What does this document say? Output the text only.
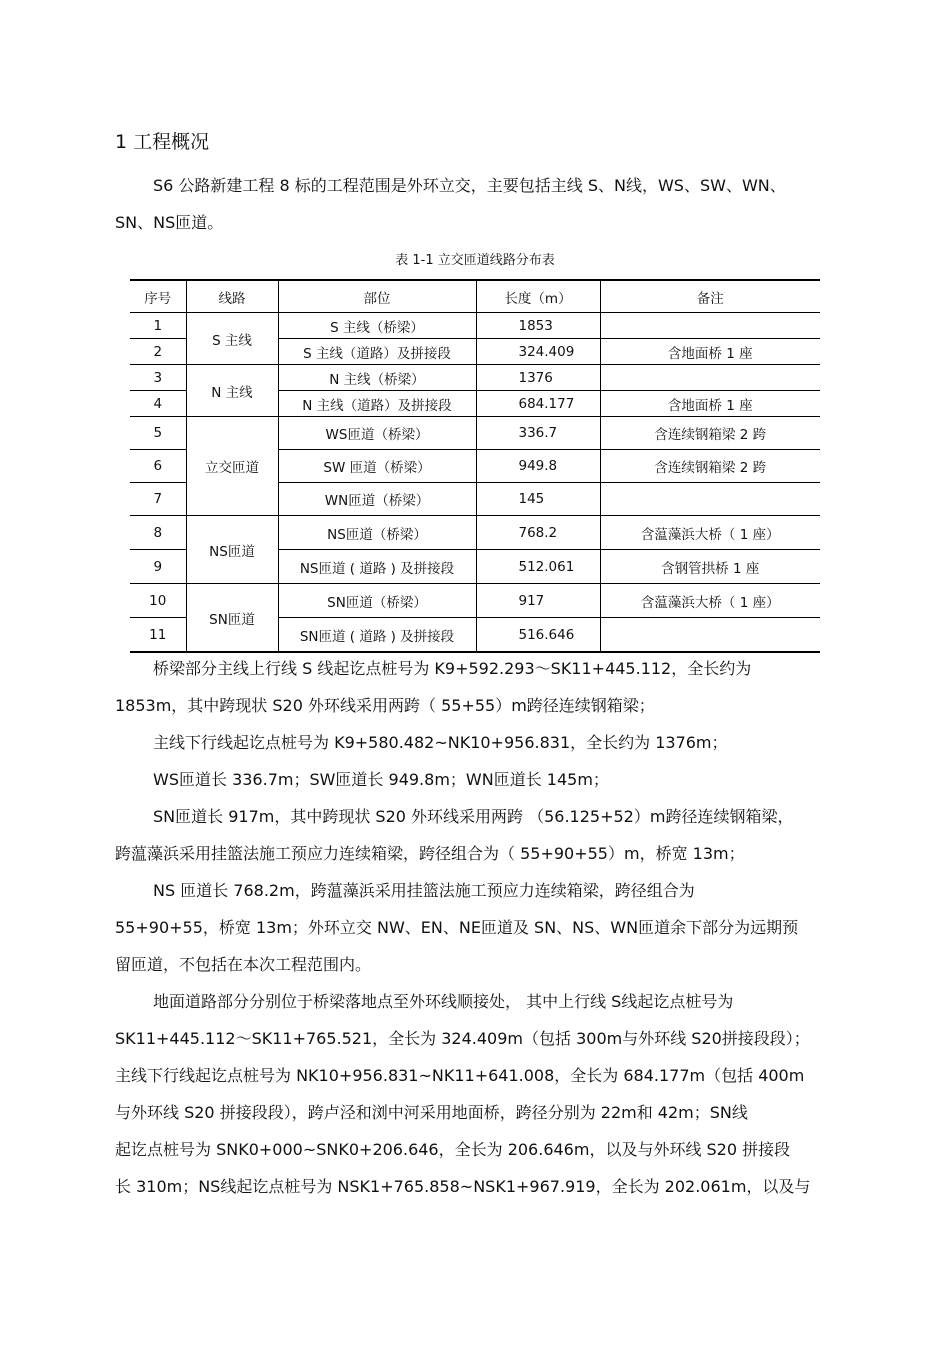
1 工程概况

S6 公路新建工程 8 标的工程范围是外环立交，主要包括主线 S、N线，WS、SW、WN、
SN、NS匝道。

表 1-1 立交匝道线路分布表
序号	线路	部位	长度（m）	备注
1	S 主线	S 主线（桥梁）	1853	
2		S 主线（道路）及拼接段	324.409	含地面桥 1 座
3	N 主线	N 主线（桥梁）	1376	
4		N 主线（道路）及拼接段	684.177	含地面桥 1 座
5	立交匝道	WS匝道（桥梁）	336.7	含连续钢箱梁 2 跨
6		SW 匝道（桥梁）	949.8	含连续钢箱梁 2 跨
7		WN匝道（桥梁）	145	
8	NS匝道	NS匝道（桥梁）	768.2	含蕰藻浜大桥（ 1 座）
9		NS匝道 ( 道路 ) 及拼接段	512.061	含钢管拱桥 1 座
10	SN匝道	SN匝道（桥梁）	917	含蕰藻浜大桥（ 1 座）
11		SN匝道 ( 道路 ) 及拼接段	516.646	

桥梁部分主线上行线 S 线起讫点桩号为 K9+592.293～SK11+445.112，全长约为
1853m，其中跨现状 S20 外环线采用两跨（ 55+55）m跨径连续钢箱梁；

主线下行线起讫点桩号为 K9+580.482~NK10+956.831，全长约为 1376m；

WS匝道长 336.7m；SW匝道长 949.8m；WN匝道长 145m；

SN匝道长 917m，其中跨现状 S20 外环线采用两跨 （56.125+52）m跨径连续钢箱梁，
跨蕰藻浜采用挂篮法施工预应力连续箱梁，跨径组合为（ 55+90+55）m，桥宽 13m；

NS 匝道长 768.2m，跨蕰藻浜采用挂篮法施工预应力连续箱梁，跨径组合为
55+90+55，桥宽 13m；外环立交 NW、EN、NE匝道及 SN、NS、WN匝道余下部分为远期预
留匝道，不包括在本次工程范围内。

地面道路部分分别位于桥梁落地点至外环线顺接处， 其中上行线 S线起讫点桩号为
SK11+445.112～SK11+765.521，全长为 324.409m（包括 300m与外环线 S20拼接段段）；
主线下行线起讫点桩号为 NK10+956.831~NK11+641.008，全长为 684.177m（包括 400m
与外环线 S20 拼接段段），跨卢泾和浏中河采用地面桥，跨径分别为 22m和 42m；SN线
起讫点桩号为 SNK0+000~SNK0+206.646，全长为 206.646m，以及与外环线 S20 拼接段
长 310m；NS线起讫点桩号为 NSK1+765.858~NSK1+967.919，全长为 202.061m，以及与
